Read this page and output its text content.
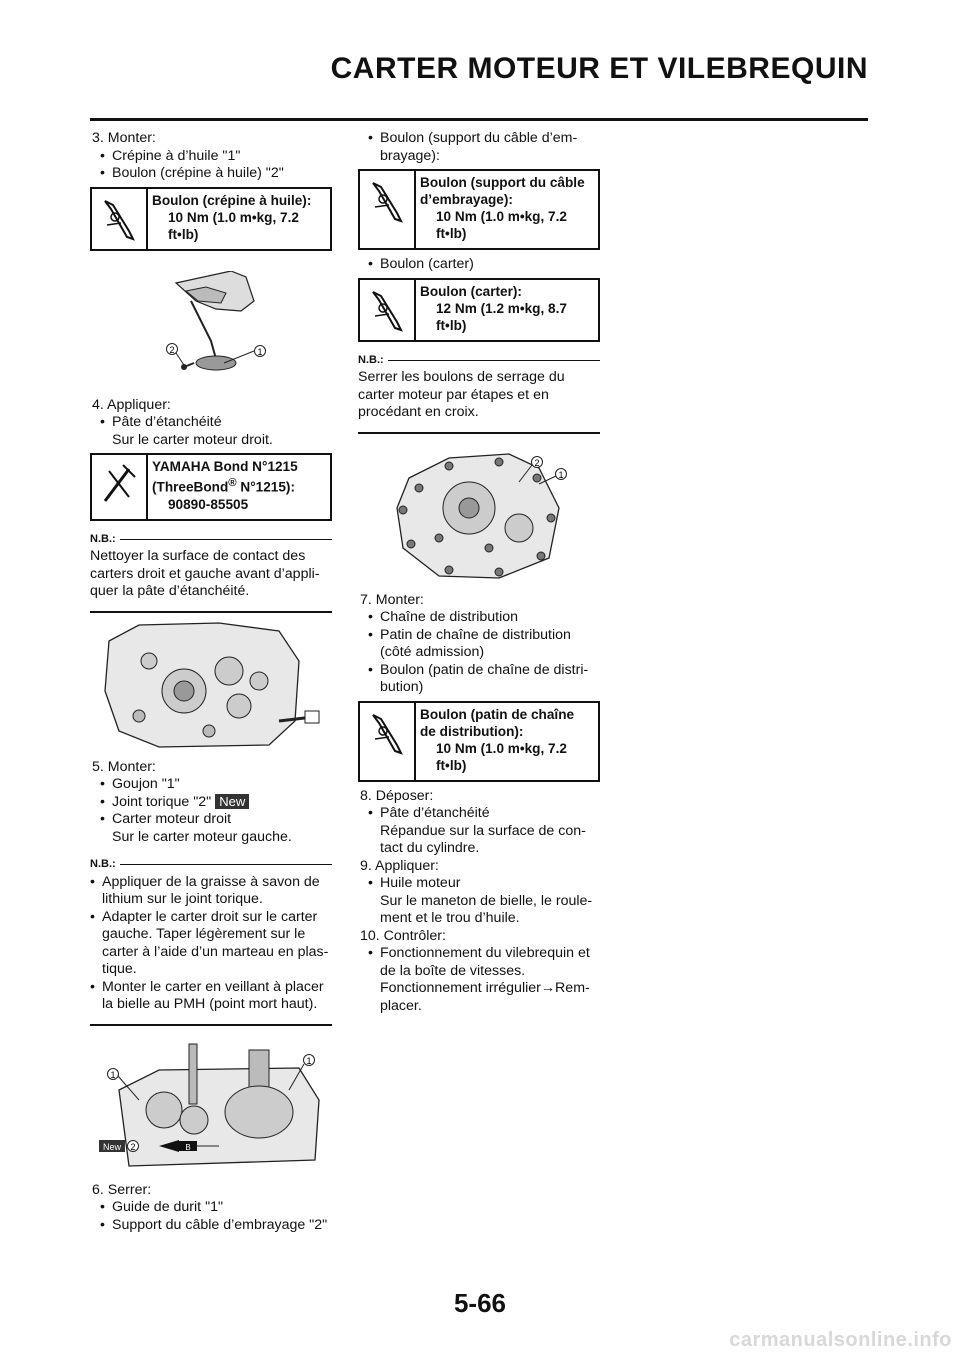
CARTER MOTEUR ET VILEBREQUIN

3. Monter:

• Crépine à d’huile "1"
• Boulon (crépine à huile) "2"
Boulon (crépine à huile):
10 Nm (1.0 m•kg, 7.2
ft•lb)
1
2

4. Appliquer:

• Pâte d’étanchéité
Sur le carter moteur droit.
YAMAHA Bond N°1215
(ThreeBond® N°1215):
90890-85505
N.B.:
Nettoyer la surface de contact des carters droit et gauche avant d’appli-quer la pâte d’étanchéité.

5. Monter:

• Goujon "1"
• Joint torique "2" New
• Carter moteur droit
Sur le carter moteur gauche.
N.B.:
• Appliquer de la graisse à savon de lithium sur le joint torique.
• Adapter le carter droit sur le carter gauche. Taper légèrement sur le carter à l’aide d’un marteau en plas-tique.
• Monter le carter en veillant à placer la bielle au PMH (point mort haut).
1
1
New 2	B

6. Serrer:

• Guide de durit "1"
• Support du câble d’embrayage "2"
• Boulon (support du câble d’em-brayage):
Boulon (support du câble
d’embrayage):
10 Nm (1.0 m•kg, 7.2
ft•lb)
• Boulon (carter)
Boulon (carter):
12 Nm (1.2 m•kg, 8.7
ft•lb)
N.B.:
Serrer les boulons de serrage du carter moteur par étapes et en procédant en croix.
2
1

7. Monter:

• Chaîne de distribution
• Patin de chaîne de distribution (côté admission)
• Boulon (patin de chaîne de distri-bution)
Boulon (patin de chaîne
de distribution):
10 Nm (1.0 m•kg, 7.2
ft•lb)

8. Déposer:

• Pâte d’étanchéité
Répandue sur la surface de con-tact du cylindre.

9. Appliquer:

• Huile moteur
Sur le maneton de bielle, le roule-ment et le trou d’huile.

10. Contrôler:

• Fonctionnement du vilebrequin et de la boîte de vitesses.
Fonctionnement irrégulier→Rem-placer.
5-66
carmanualsonline.info
